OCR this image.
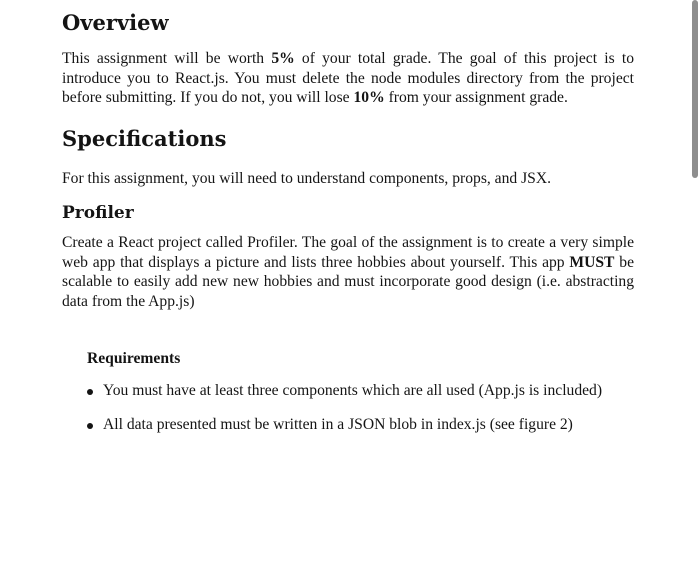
Overview

This assignment will be worth 5% of your total grade. The goal of this project is to introduce you to React.js. You must delete the node modules directory from the project before submitting. If you do not, you will lose 10% from your assignment grade.

Specifications

For this assignment, you will need to understand components, props, and JSX.

Profiler

Create a React project called Profiler. The goal of the assignment is to create a very simple web app that displays a picture and lists three hobbies about yourself. This app MUST be scalable to easily add new new hobbies and must incorporate good design (i.e. abstracting data from the App.js)

Requirements
You must have at least three components which are all used (App.js is included)
All data presented must be written in a JSON blob in index.js (see figure 2)
